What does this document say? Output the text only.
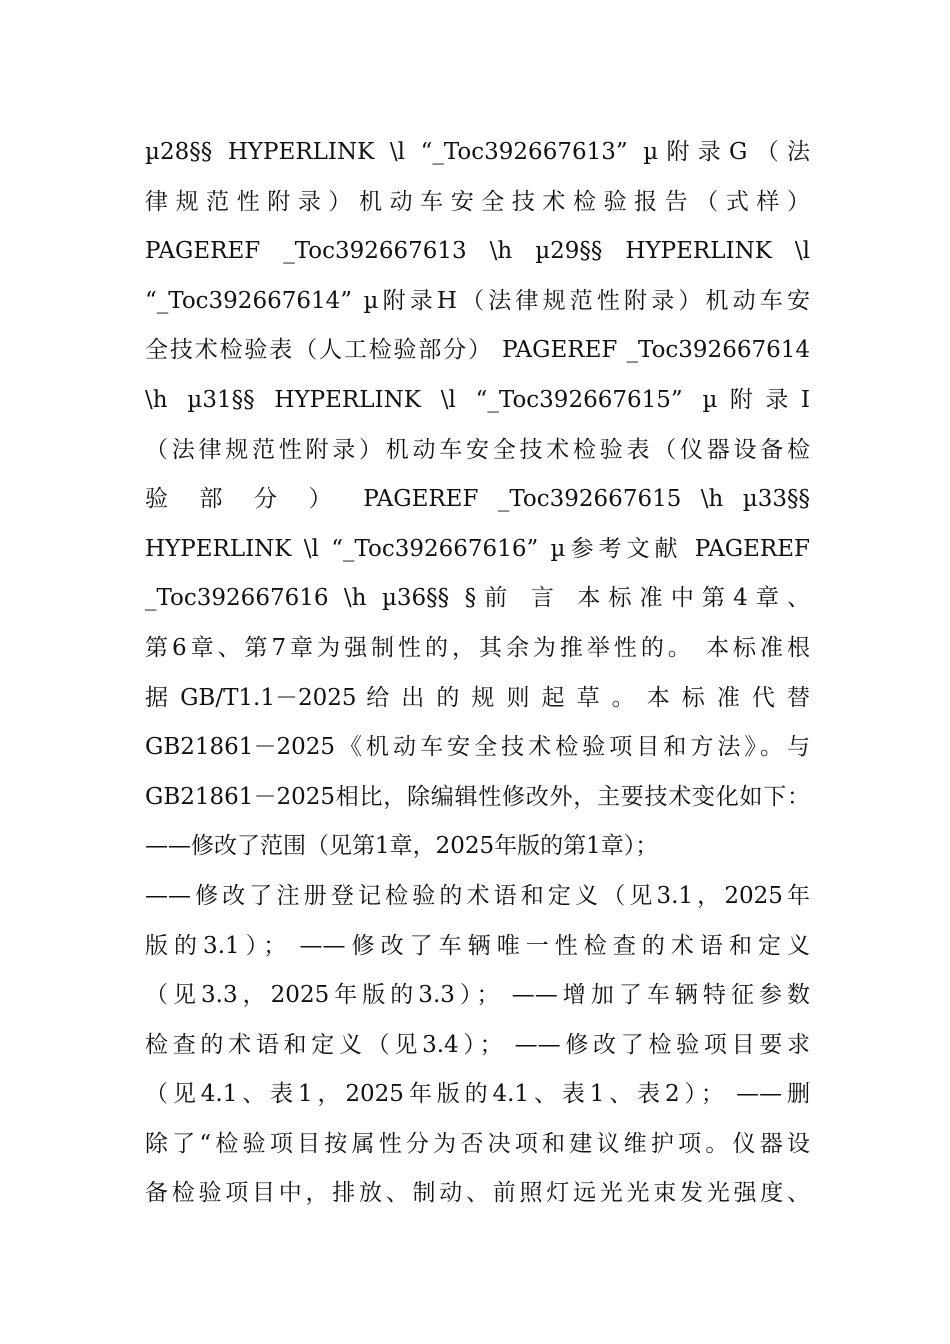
µ28§§ HYPERLINK \l “_Toc392667613” µ附录G（法
律规范性附录）机动车安全技术检验报告（式样）
PAGEREF _Toc392667613 \h µ29§§ HYPERLINK \l
“_Toc392667614” µ附录H（法律规范性附录）机动车安
全技术检验表（人工检验部分） PAGEREF _Toc392667614
\h µ31§§ HYPERLINK \l “_Toc392667615” µ附录I
（法律规范性附录）机动车安全技术检验表（仪器设备检
验 部 分 ） PAGEREF _Toc392667615 \h µ33§§
HYPERLINK \l “_Toc392667616” µ参考文献 PAGEREF
_Toc392667616 \h µ36§§ §前 言 本标准中第4章、
第6章、第7章为强制性的，其余为推举性的。 本标准根
据 GB/T1.1－2025 给 出 的 规 则 起 草 。 本 标 准 代 替
GB21861－2025《机动车安全技术检验项目和方法》。与
GB21861－2025相比，除编辑性修改外，主要技术变化如下：
——修改了范围（见第1章，2025年版的第1章）；
——修改了注册登记检验的术语和定义（见3.1，2025年
版的3.1）； ——修改了车辆唯一性检查的术语和定义
（见3.3，2025年版的3.3）； ——增加了车辆特征参数
检查的术语和定义（见3.4）； ——修改了检验项目要求
（见4.1、表1，2025年版的4.1、表1、表2）； ——删
除了“检验项目按属性分为否决项和建议维护项。仪器设
备检验项目中，排放、制动、前照灯远光光束发光强度、
